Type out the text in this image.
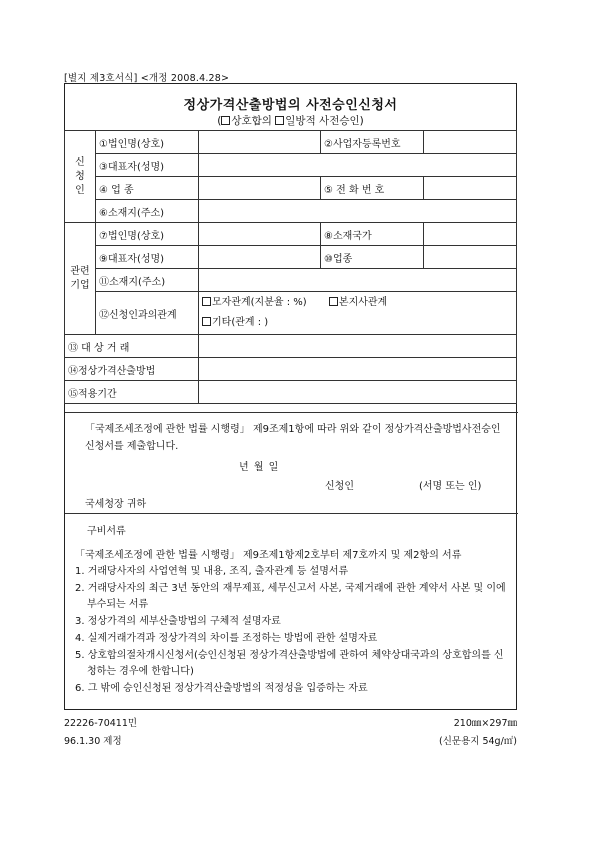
[별지 제3호서식] <개정 2008.4.28>
정상가격산출방법의 사전승인신청서
( 상호합의 일방적 사전승인)
신
청
인	①법인명(상호)		②사업자등록번호	
	③대표자(성명)			
	④ 업 종		⑤ 전 화 번 호	
	⑥소재지(주소)			
관련
기업	⑦법인명(상호)		⑧소재국가	
	⑨대표자(성명)		⑩업종	
	⑪소재지(주소)			
	⑫신청인과의관계	모자관계(지분율 : %) 본지사관계
기타(관계 : )		
⑬ 대 상 거 래				
⑭정상가격산출방법				
⑮적용기간				
「국제조세조정에 관한 법률 시행령」 제9조제1항에 따라 위와 같이 정상가격산출방법사전승인신청서를 제출합니다.
년 월 일
신청인	(서명 또는 인)
국세청장 귀하
구비서류
「국제조세조정에 관한 법률 시행령」 제9조제1항제2호부터 제7호까지 및 제2항의 서류
1. 거래당사자의 사업연혁 및 내용, 조직, 출자관계 등 설명서류
2. 거래당사자의 최근 3년 동안의 재무제표, 세무신고서 사본, 국제거래에 관한 계약서 사본 및 이에 부수되는 서류
3. 정상가격의 세부산출방법의 구체적 설명자료
4. 실제거래가격과 정상가격의 차이를 조정하는 방법에 관한 설명자료
5. 상호합의절차개시신청서(승인신청된 정상가격산출방법에 관하여 체약상대국과의 상호합의를 신청하는 경우에 한합니다)
6. 그 밖에 승인신청된 정상가격산출방법의 적정성을 입증하는 자료
22226-70411민
96.1.30 제정
210㎜×297㎜
(신문용지 54g/㎡)
